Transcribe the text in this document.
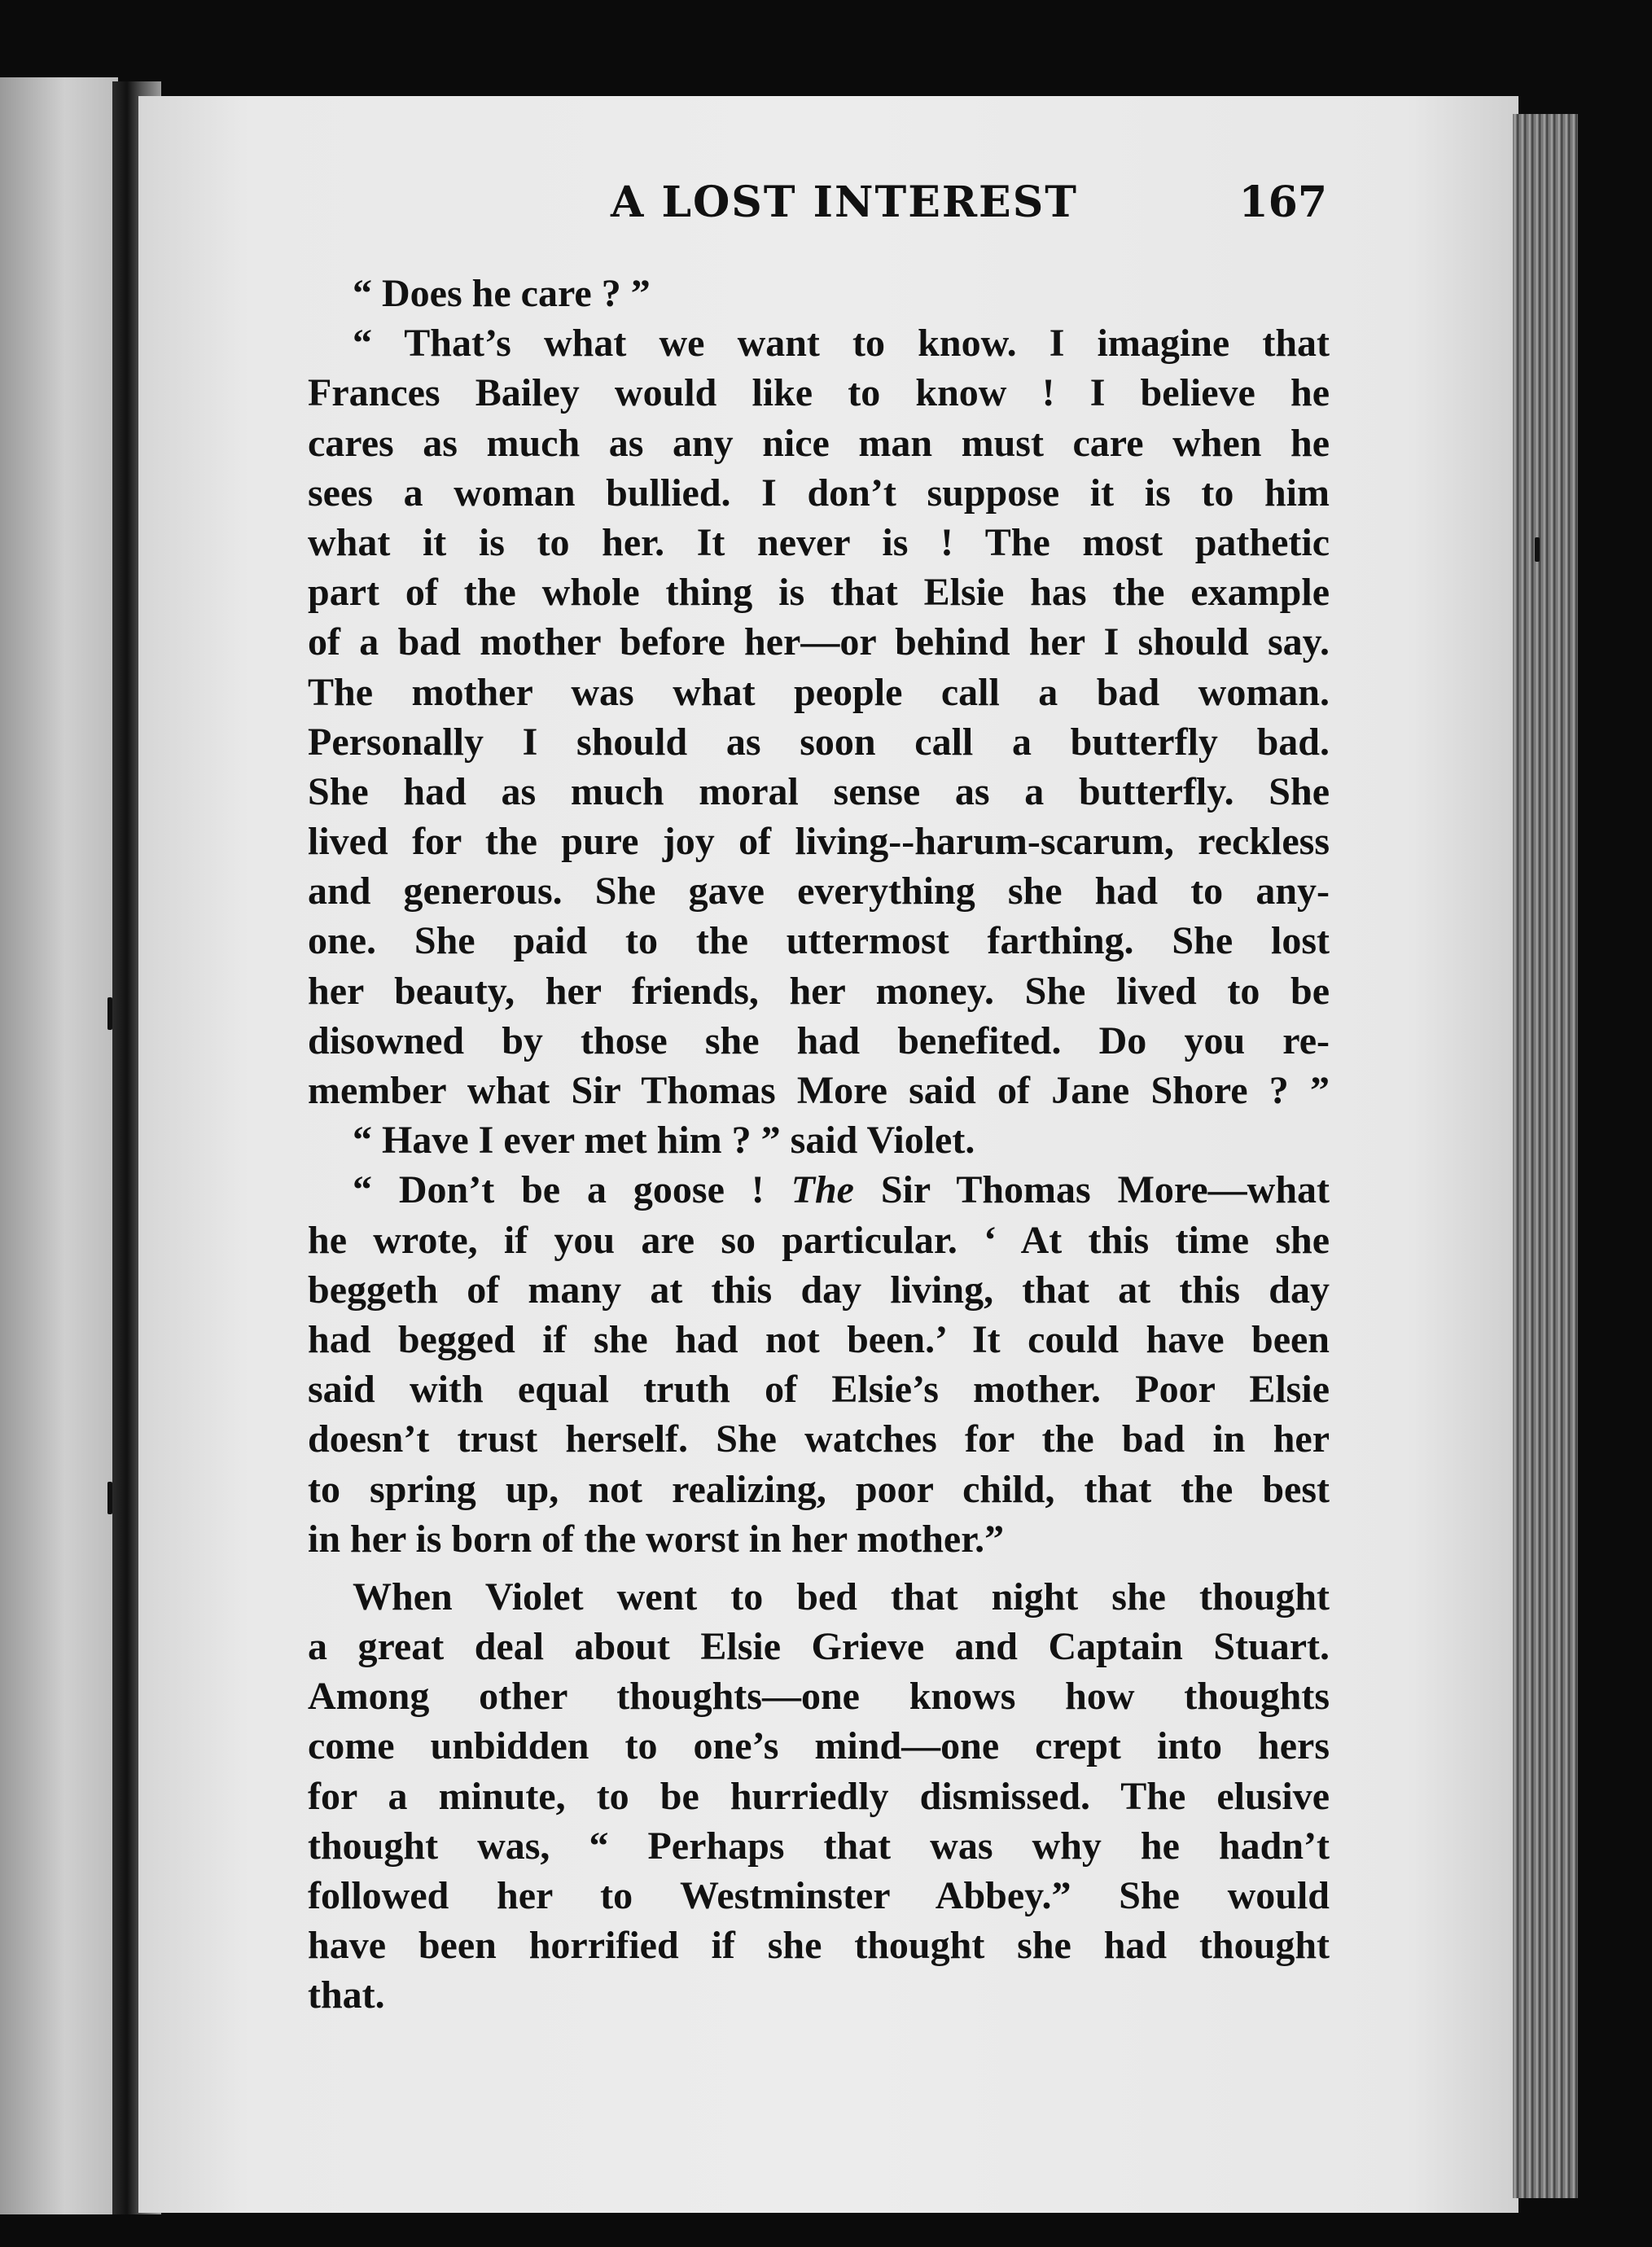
A LOST INTEREST	167
“ Does he care ? ”
“ That’s what we want to know. I imagine that
Frances Bailey would like to know ! I believe he
cares as much as any nice man must care when he
sees a woman bullied. I don’t suppose it is to him
what it is to her. It never is ! The most pathetic
part of the whole thing is that Elsie has the example
of a bad mother before her—or behind her I should say.
The mother was what people call a bad woman.
Personally I should as soon call a butterfly bad.
She had as much moral sense as a butterfly. She
lived for the pure joy of living--harum-scarum, reckless
and generous. She gave everything she had to any-
one. She paid to the uttermost farthing. She lost
her beauty, her friends, her money. She lived to be
disowned by those she had benefited. Do you re-
member what Sir Thomas More said of Jane Shore ? ”
“ Have I ever met him ? ” said Violet.
“ Don’t be a goose ! The Sir Thomas More—what
he wrote, if you are so particular. ‘ At this time she
beggeth of many at this day living, that at this day
had begged if she had not been.’ It could have been
said with equal truth of Elsie’s mother. Poor Elsie
doesn’t trust herself. She watches for the bad in her
to spring up, not realizing, poor child, that the best
in her is born of the worst in her mother.”
When Violet went to bed that night she thought
a great deal about Elsie Grieve and Captain Stuart.
Among other thoughts—one knows how thoughts
come unbidden to one’s mind—one crept into hers
for a minute, to be hurriedly dismissed. The elusive
thought was, “ Perhaps that was why he hadn’t
followed her to Westminster Abbey.” She would
have been horrified if she thought she had thought
that.
